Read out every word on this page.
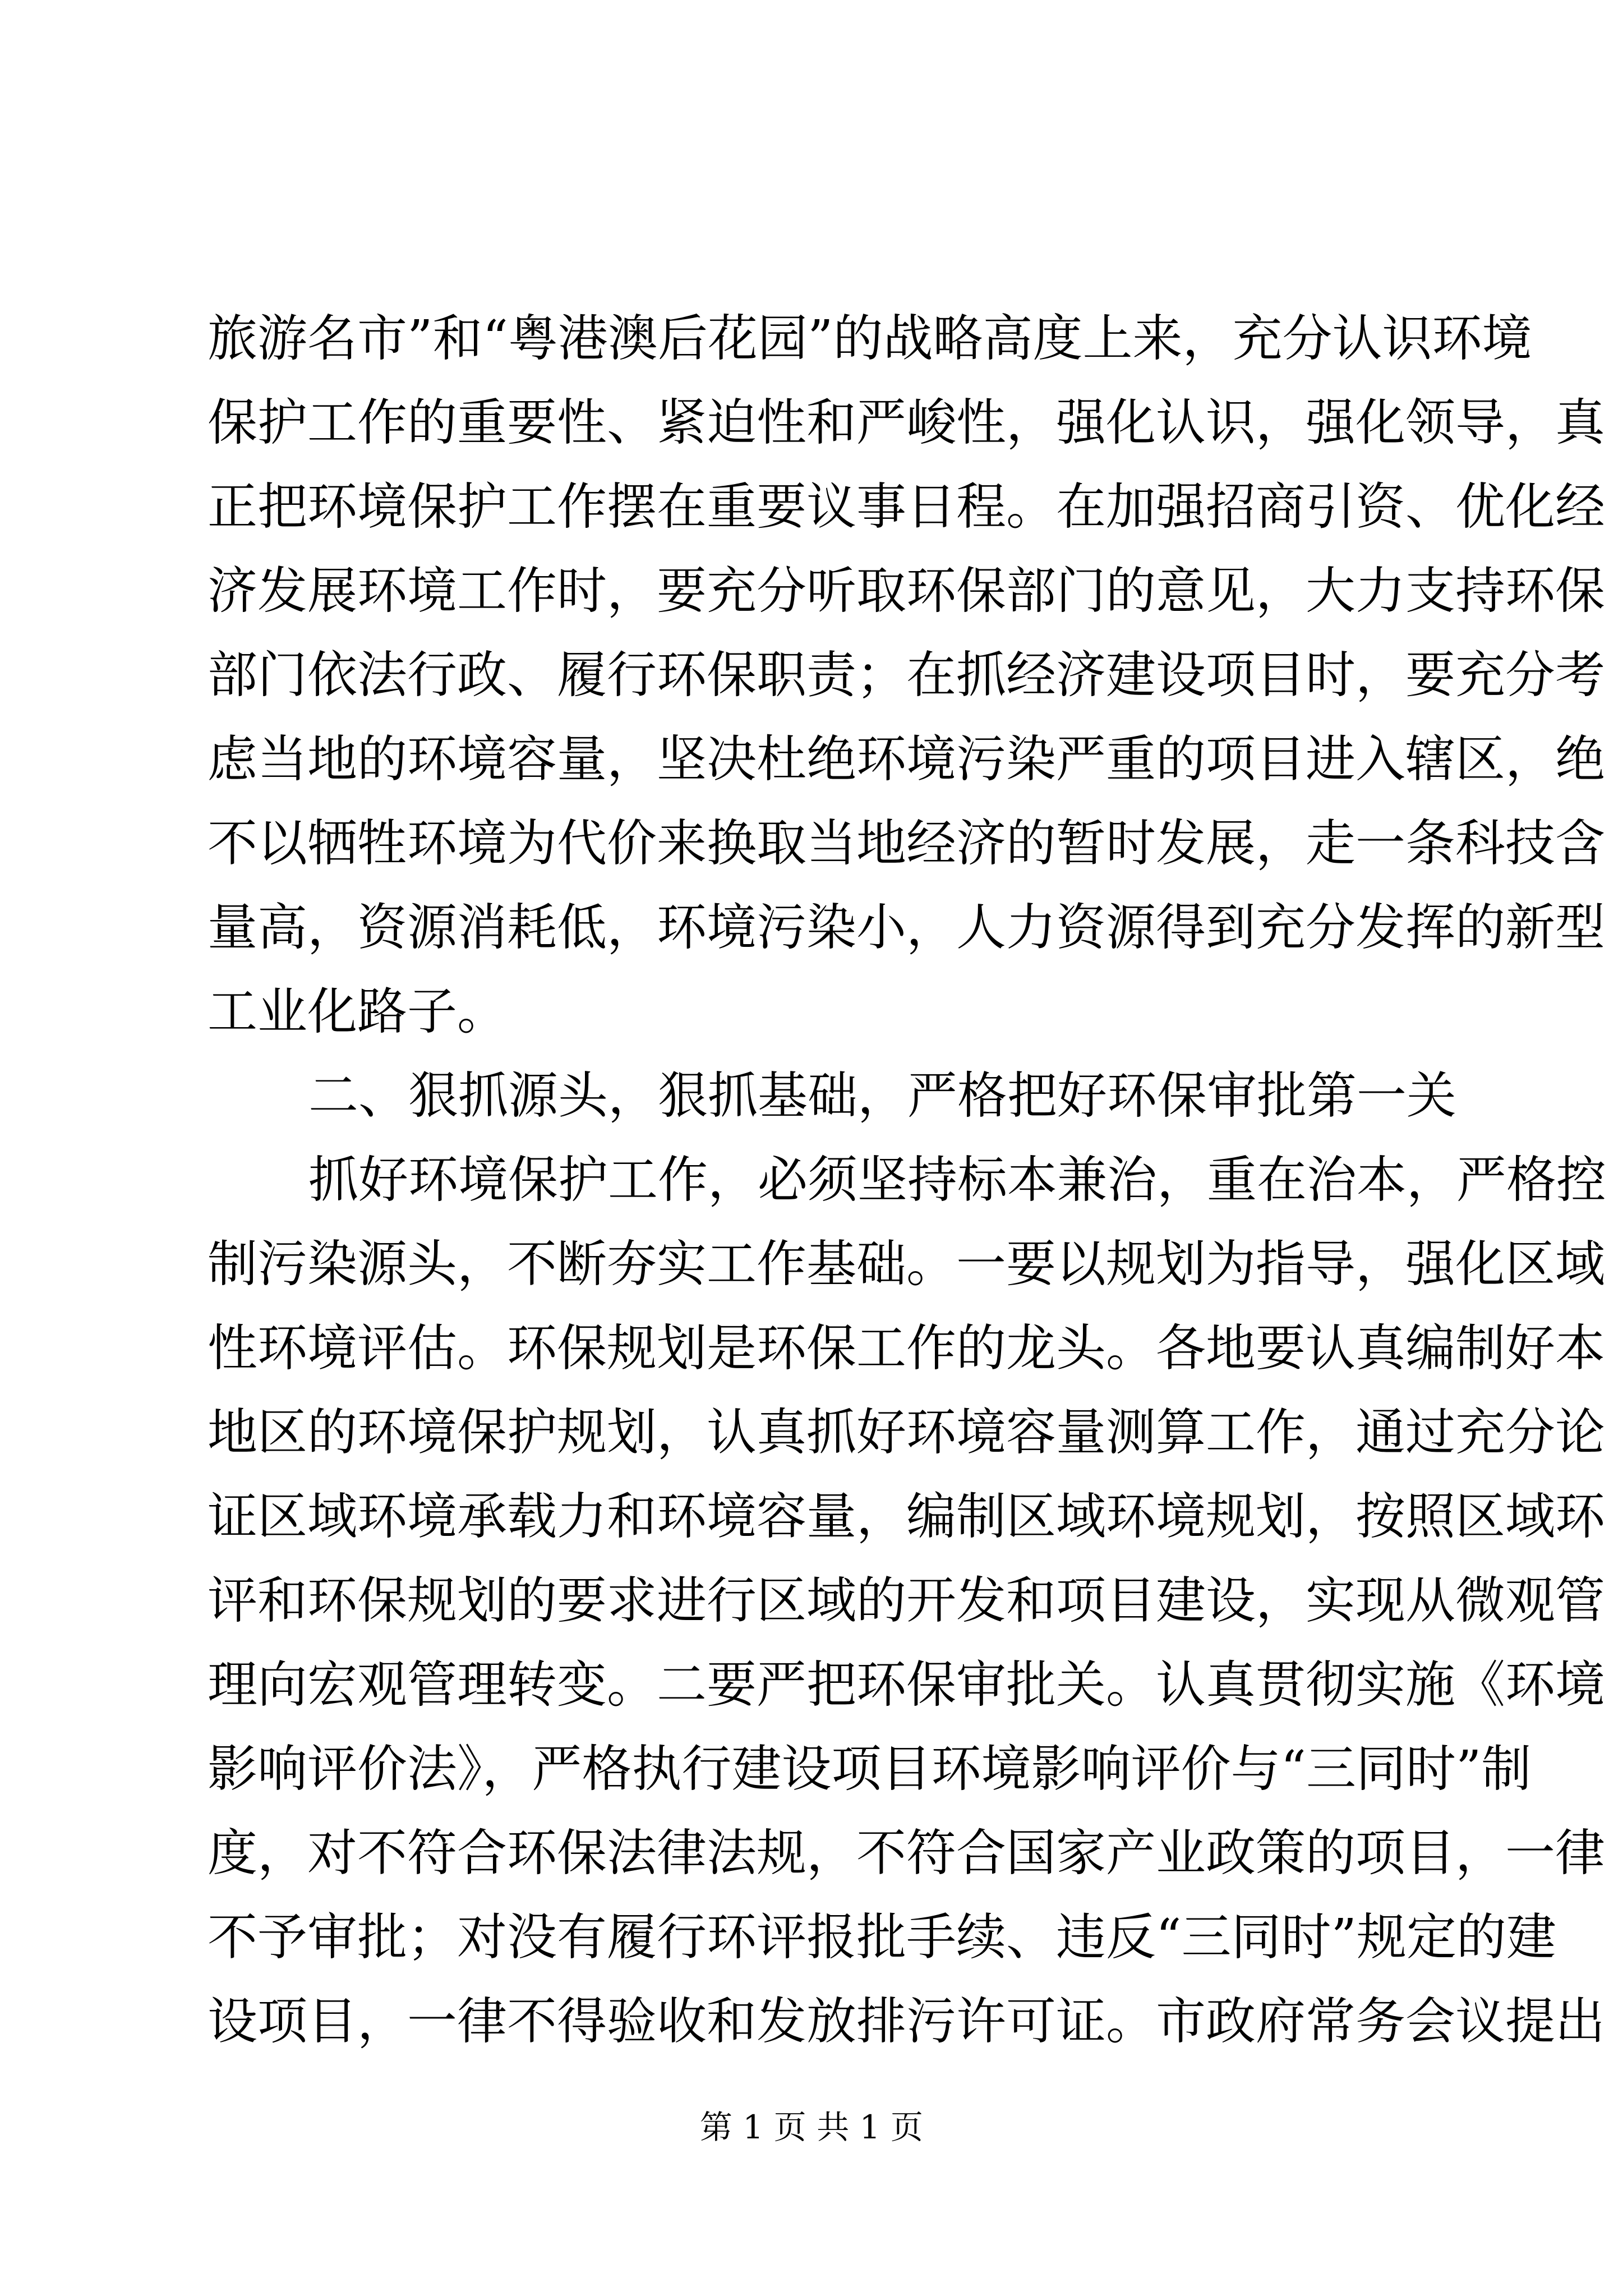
旅游名市”和“粤港澳后花园”的战略高度上来，充分认识环境
保护工作的重要性、紧迫性和严峻性，强化认识，强化领导，真
正把环境保护工作摆在重要议事日程。在加强招商引资、优化经
济发展环境工作时，要充分听取环保部门的意见，大力支持环保
部门依法行政、履行环保职责；在抓经济建设项目时，要充分考
虑当地的环境容量，坚决杜绝环境污染严重的项目进入辖区，绝
不以牺牲环境为代价来换取当地经济的暂时发展，走一条科技含
量高，资源消耗低，环境污染小，人力资源得到充分发挥的新型
工业化路子。
二、狠抓源头，狠抓基础，严格把好环保审批第一关
抓好环境保护工作，必须坚持标本兼治，重在治本，严格控
制污染源头，不断夯实工作基础。一要以规划为指导，强化区域
性环境评估。环保规划是环保工作的龙头。各地要认真编制好本
地区的环境保护规划，认真抓好环境容量测算工作，通过充分论
证区域环境承载力和环境容量，编制区域环境规划，按照区域环
评和环保规划的要求进行区域的开发和项目建设，实现从微观管
理向宏观管理转变。二要严把环保审批关。认真贯彻实施《环境
影响评价法》，严格执行建设项目环境影响评价与“三同时”制
度，对不符合环保法律法规，不符合国家产业政策的项目，一律
不予审批；对没有履行环评报批手续、违反“三同时”规定的建
设项目，一律不得验收和发放排污许可证。市政府常务会议提出
第 1 页 共 1 页
